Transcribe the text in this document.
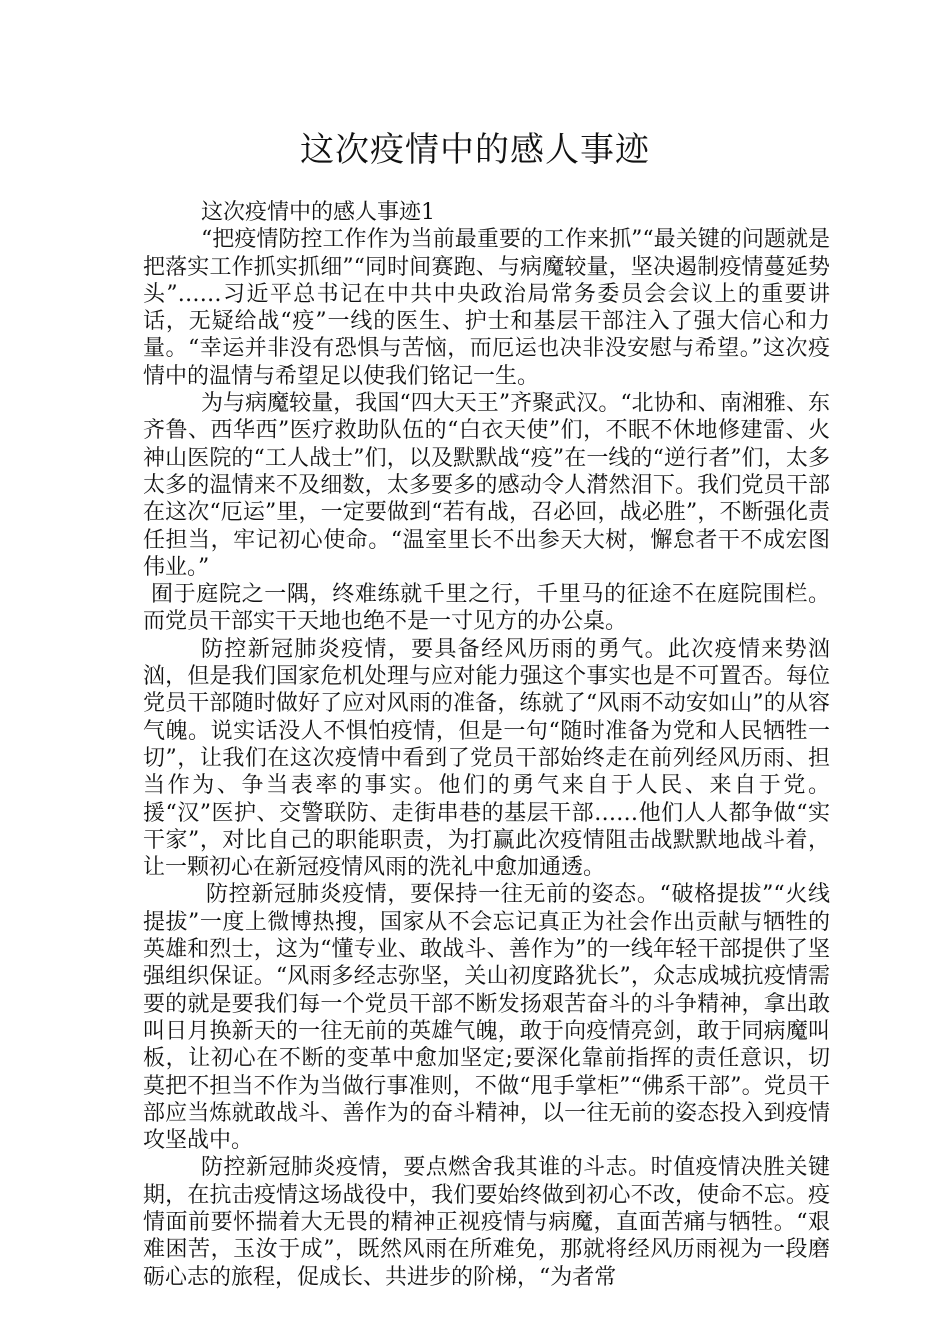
这次疫情中的感人事迹

这次疫情中的感人事迹1

“把疫情防控工作作为当前最重要的工作来抓”“最关键的问题就是把落实工作抓实抓细”“同时间赛跑、与病魔较量，坚决遏制疫情蔓延势头”……习近平总书记在中共中央政治局常务委员会会议上的重要讲话，无疑给战“疫”一线的医生、护士和基层干部注入了强大信心和力量。“幸运并非没有恐惧与苦恼，而厄运也决非没安慰与希望。”这次疫情中的温情与希望足以使我们铭记一生。

为与病魔较量，我国“四大天王”齐聚武汉。“北协和、南湘雅、东齐鲁、西华西”医疗救助队伍的“白衣天使”们，不眠不休地修建雷、火神山医院的“工人战士”们，以及默默战“疫”在一线的“逆行者”们，太多太多的温情来不及细数，太多要多的感动令人潸然泪下。我们党员干部在这次“厄运”里，一定要做到“若有战，召必回，战必胜”，不断强化责任担当，牢记初心使命。“温室里长不出参天大树，懈怠者干不成宏图伟业。”

囿于庭院之一隅，终难练就千里之行，千里马的征途不在庭院围栏。而党员干部实干天地也绝不是一寸见方的办公桌。

防控新冠肺炎疫情，要具备经风历雨的勇气。此次疫情来势汹汹，但是我们国家危机处理与应对能力强这个事实也是不可置否。每位党员干部随时做好了应对风雨的准备，练就了“风雨不动安如山”的从容气魄。说实话没人不惧怕疫情，但是一句“随时准备为党和人民牺牲一切”，让我们在这次疫情中看到了党员干部始终走在前列经风历雨、担当作为、争当表率的事实。他们的勇气来自于人民、来自于党。援“汉”医护、交警联防、走街串巷的基层干部……他们人人都争做“实干家”，对比自己的职能职责，为打赢此次疫情阻击战默默地战斗着，让一颗初心在新冠疫情风雨的洗礼中愈加通透。

防控新冠肺炎疫情，要保持一往无前的姿态。“破格提拔”“火线提拔”一度上微博热搜，国家从不会忘记真正为社会作出贡献与牺牲的英雄和烈士，这为“懂专业、敢战斗、善作为”的一线年轻干部提供了坚强组织保证。“风雨多经志弥坚，关山初度路犹长”，众志成城抗疫情需要的就是要我们每一个党员干部不断发扬艰苦奋斗的斗争精神，拿出敢叫日月换新天的一往无前的英雄气魄，敢于向疫情亮剑，敢于同病魔叫板，让初心在不断的变革中愈加坚定;要深化靠前指挥的责任意识，切莫把不担当不作为当做行事准则，不做“甩手掌柜”“佛系干部”。党员干部应当炼就敢战斗、善作为的奋斗精神，以一往无前的姿态投入到疫情攻坚战中。

防控新冠肺炎疫情，要点燃舍我其谁的斗志。时值疫情决胜关键期，在抗击疫情这场战役中，我们要始终做到初心不改，使命不忘。疫情面前要怀揣着大无畏的精神正视疫情与病魔，直面苦痛与牺牲。“艰难困苦，玉汝于成”，既然风雨在所难免，那就将经风历雨视为一段磨砺心志的旅程，促成长、共进步的阶梯，“为者常
